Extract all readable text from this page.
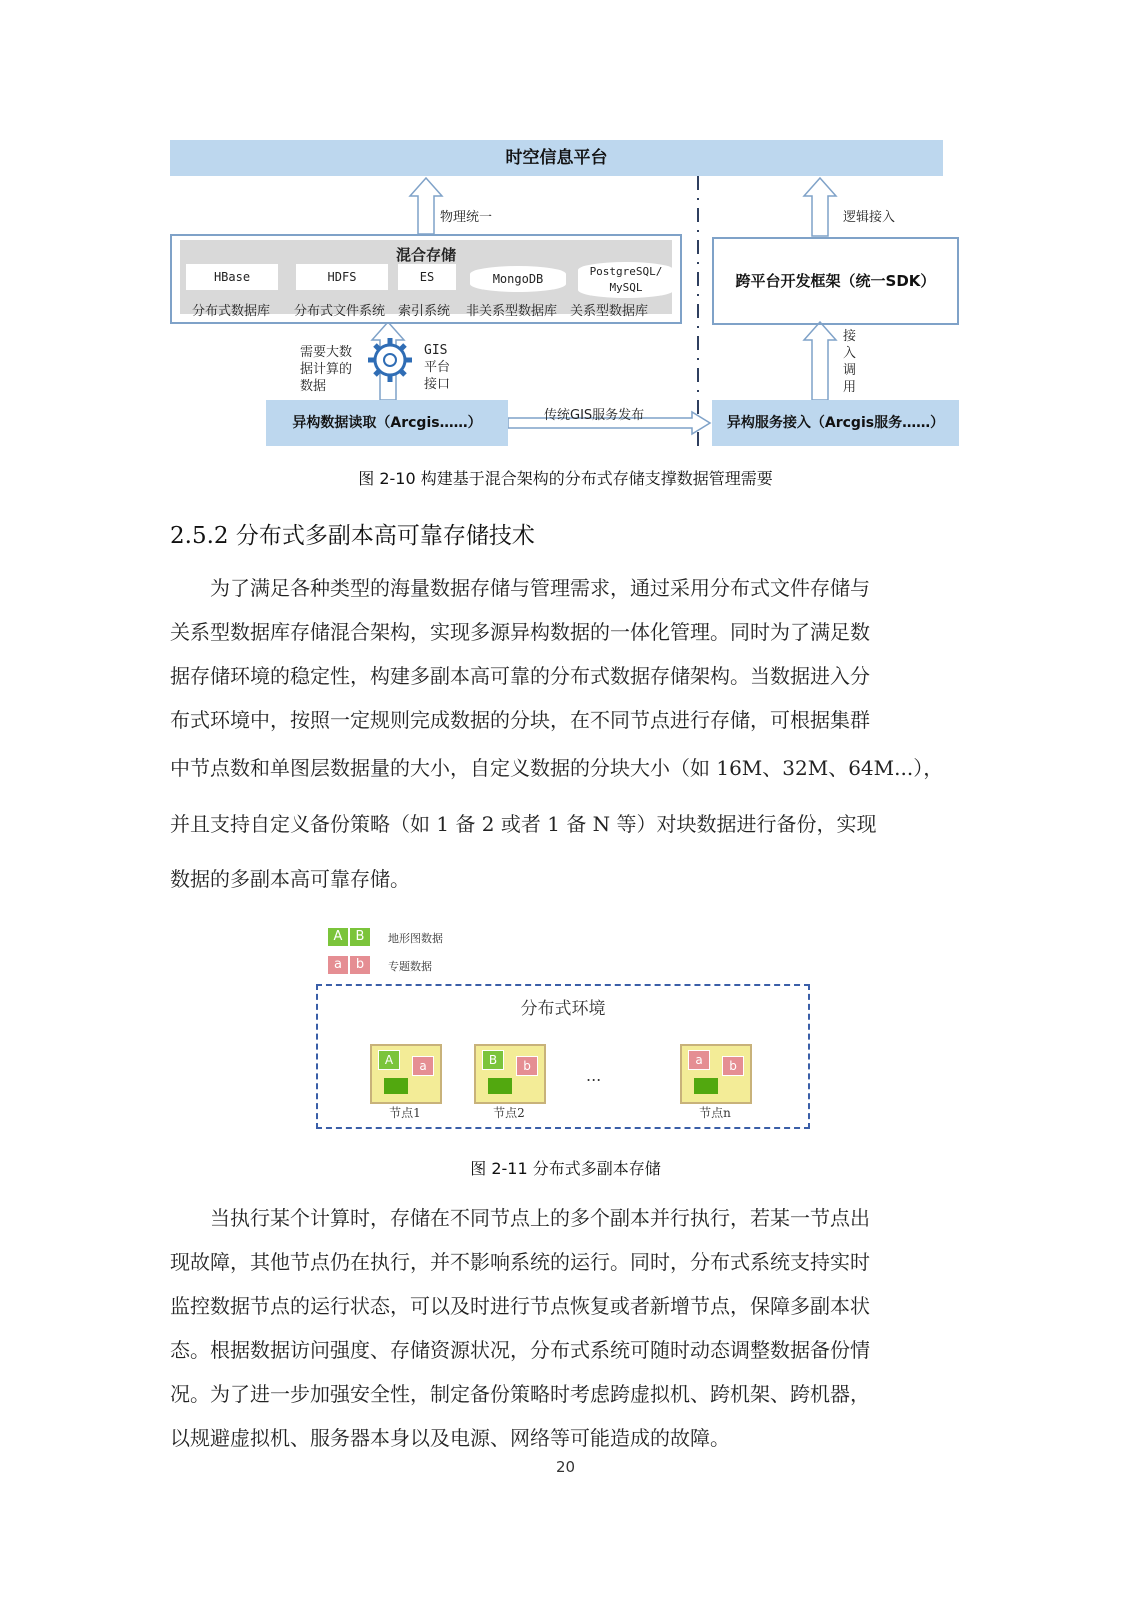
时空信息平台
物理统一	逻辑接入
混合存储
HBase	HDFS	ES	MongoDB
PostgreSQL/
MySQL
分布式数据库 分布式文件系统 索引系统 非关系型数据库 关系型数据库
跨平台开发框架（统一SDK）
需要大数
据计算的
数据
GIS
平台
接口
接
入
调
用
异构数据读取（Arcgis……）	传统GIS服务发布	异构服务接入（Arcgis服务……）
图 2-10 构建基于混合架构的分布式存储支撑数据管理需要
2.5.2 分布式多副本高可靠存储技术
为了满足各种类型的海量数据存储与管理需求，通过采用分布式文件存储与
关系型数据库存储混合架构，实现多源异构数据的一体化管理。同时为了满足数
据存储环境的稳定性，构建多副本高可靠的分布式数据存储架构。当数据进入分
布式环境中，按照一定规则完成数据的分块，在不同节点进行存储，可根据集群
中节点数和单图层数据量的大小，自定义数据的分块大小（如 16M、32M、64M...），
并且支持自定义备份策略（如 1 备 2 或者 1 备 N 等）对块数据进行备份，实现
数据的多副本高可靠存储。
A	B	地形图数据
a	b	专题数据
分布式环境
A	a
节点1
B	b
节点2
...
a	b
节点n
图 2-11 分布式多副本存储
当执行某个计算时，存储在不同节点上的多个副本并行执行，若某一节点出
现故障，其他节点仍在执行，并不影响系统的运行。同时，分布式系统支持实时
监控数据节点的运行状态，可以及时进行节点恢复或者新增节点，保障多副本状
态。根据数据访问强度、存储资源状况，分布式系统可随时动态调整数据备份情
况。为了进一步加强安全性，制定备份策略时考虑跨虚拟机、跨机架、跨机器，
以规避虚拟机、服务器本身以及电源、网络等可能造成的故障。
20
